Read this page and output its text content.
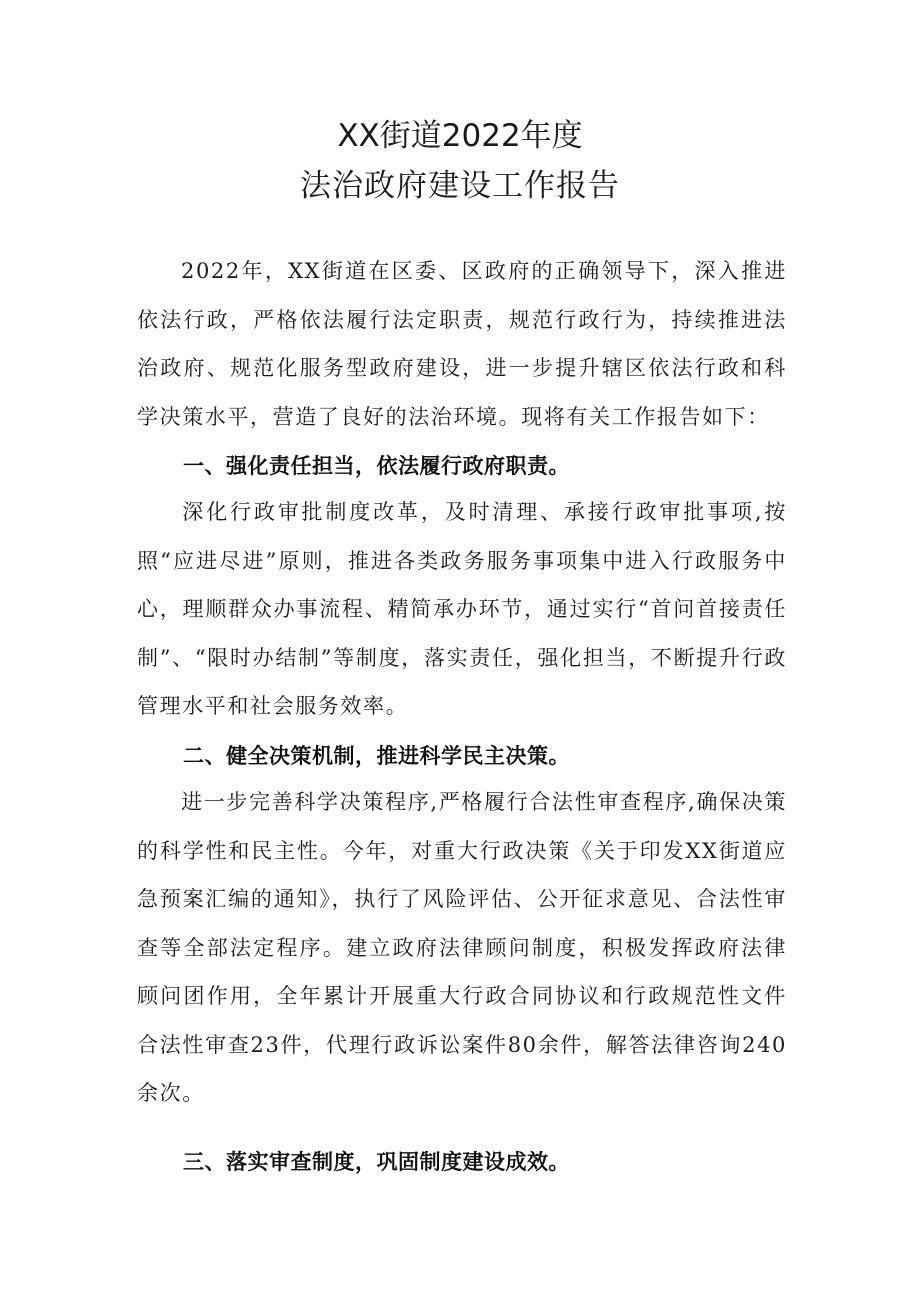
XX街道2022年度
法治政府建设工作报告

2022年，XX街道在区委、区政府的正确领导下，深入推进依法行政，严格依法履行法定职责，规范行政行为，持续推进法治政府、规范化服务型政府建设，进一步提升辖区依法行政和科学决策水平，营造了良好的法治环境。现将有关工作报告如下：

一、强化责任担当，依法履行政府职责。

深化行政审批制度改革，及时清理、承接行政审批事项,按照“应进尽进”原则，推进各类政务服务事项集中进入行政服务中心，理顺群众办事流程、精简承办环节，通过实行“首问首接责任制”、“限时办结制”等制度，落实责任，强化担当，不断提升行政管理水平和社会服务效率。

二、健全决策机制，推进科学民主决策。

进一步完善科学决策程序,严格履行合法性审查程序,确保决策的科学性和民主性。今年，对重大行政决策《关于印发XX街道应急预案汇编的通知》，执行了风险评估、公开征求意见、合法性审查等全部法定程序。建立政府法律顾问制度，积极发挥政府法律顾问团作用，全年累计开展重大行政合同协议和行政规范性文件合法性审查23件，代理行政诉讼案件80余件，解答法律咨询240余次。

三、落实审查制度，巩固制度建设成效。
